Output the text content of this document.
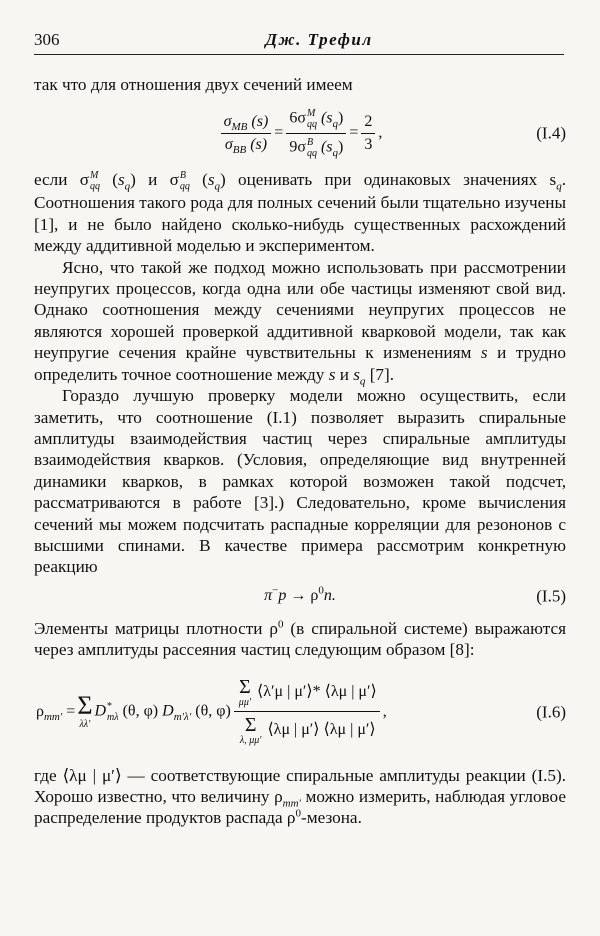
306	Дж. Трефил

так что для отношения двух сечений имеем

$\frac{\sigma_{MB} (s)}{\sigma_{BB} (s)} = 6\sigma$ M
qq $(s_q)$
9σ B
qq $(s_q) = \frac{2}{3}$ ,	(I.4)

если σ M
qq $(s_q)$ и σ B
qq $(s_q)$ оценивать при одинаковых значениях $s_q$. Соотношения такого рода для полных сечений были тщательно изучены [1], и не было найдено сколько-нибудь существенных расхождений между аддитивной моделью и экспериментом.

Ясно, что такой же подход можно использовать при рассмотрении неупругих процессов, когда одна или обе частицы изменяют свой вид. Однако соотношения между сечениями неупругих процессов не являются хорошей проверкой аддитивной кварковой модели, так как неупругие сечения крайне чувствительны к изменениям s и трудно определить точное соотношение между s и $s_q$ [7].

Гораздо лучшую проверку модели можно осуществить, если заметить, что соотношение (I.1) позволяет выразить спиральные амплитуды взаимодействия частиц через спиральные амплитуды взаимодействия кварков. (Условия, определяющие вид внутренней динамики кварков, в рамках которой возможен такой подсчет, рассматриваются в работе [3].) Следовательно, кроме вычисления сечений мы можем подсчитать распадные корреляции для резононов с высшими спинами. В качестве примера рассмотрим конкретную реакцию

$\pi^-p \to \rho^0n$.	(I.5)

Элементы матрицы плотности $\rho^0$ (в спиральной системе) выражаются через амплитуды рассеяния частиц следующим образом [8]:

$\rho_{mm'} = \Sigma$
λλ′
D *
mλ (θ, φ) $D_{m'\lambda'}$ (θ, φ) Σ
μμ′
⟨λ′μ | μ′⟩* ⟨λμ | μ′⟩
Σ
λ, μμ′
⟨λμ | μ′⟩ ⟨λμ | μ′⟩ ,	(I.6)

где ⟨λμ | μ′⟩ — соответствующие спиральные амплитуды реакции (I.5). Хорошо известно, что величину $\rho_{mm'}$ можно измерить, наблюдая угловое распределение продуктов распада $\rho^0$-мезона.
